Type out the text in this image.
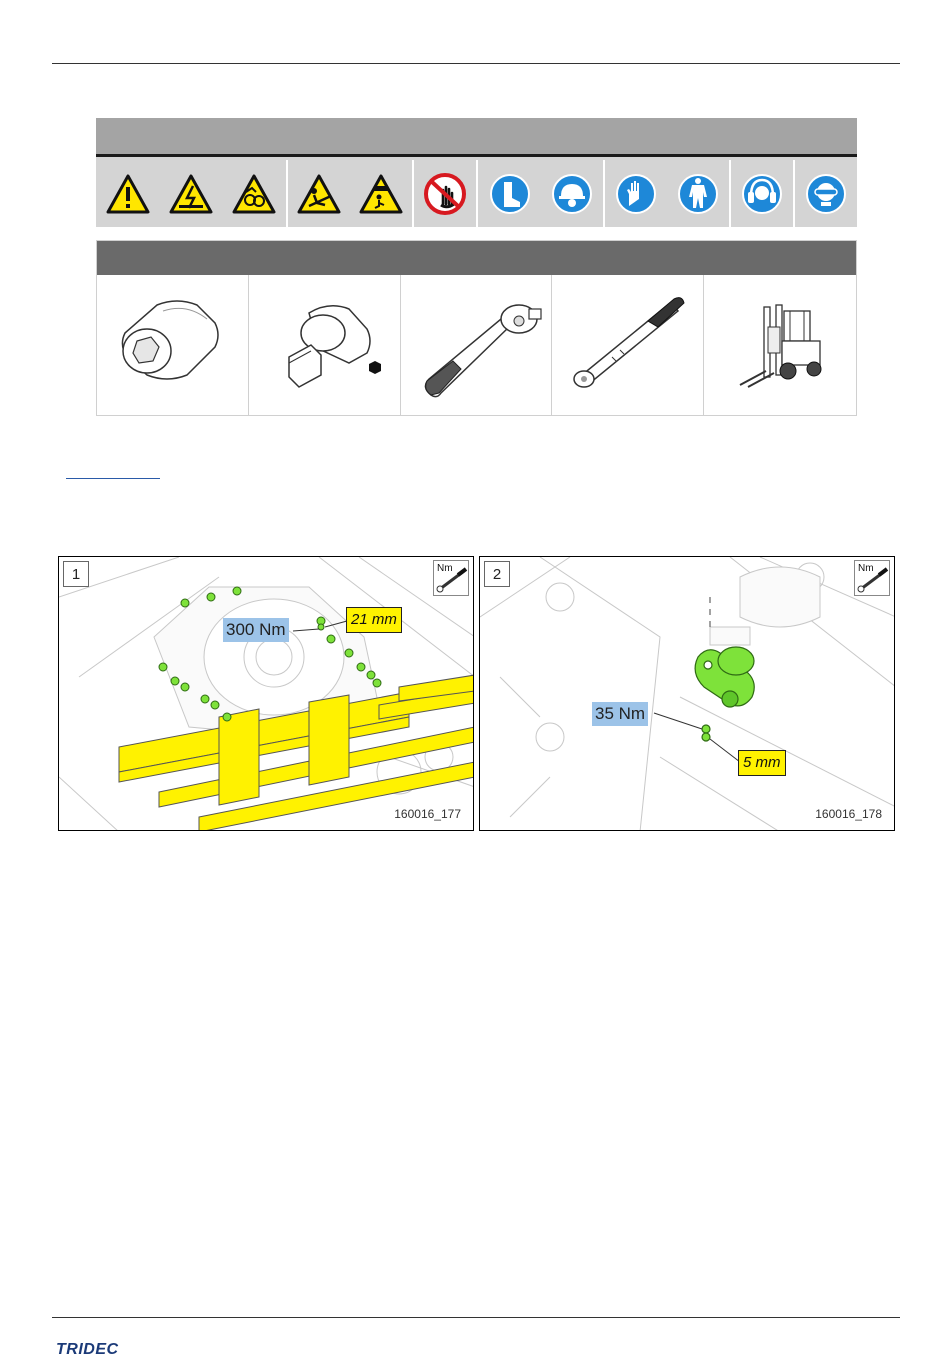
1	Nm
300 Nm
21 mm
160016_177
2	Nm
35 Nm
5 mm
160016_178
TRIDEC
